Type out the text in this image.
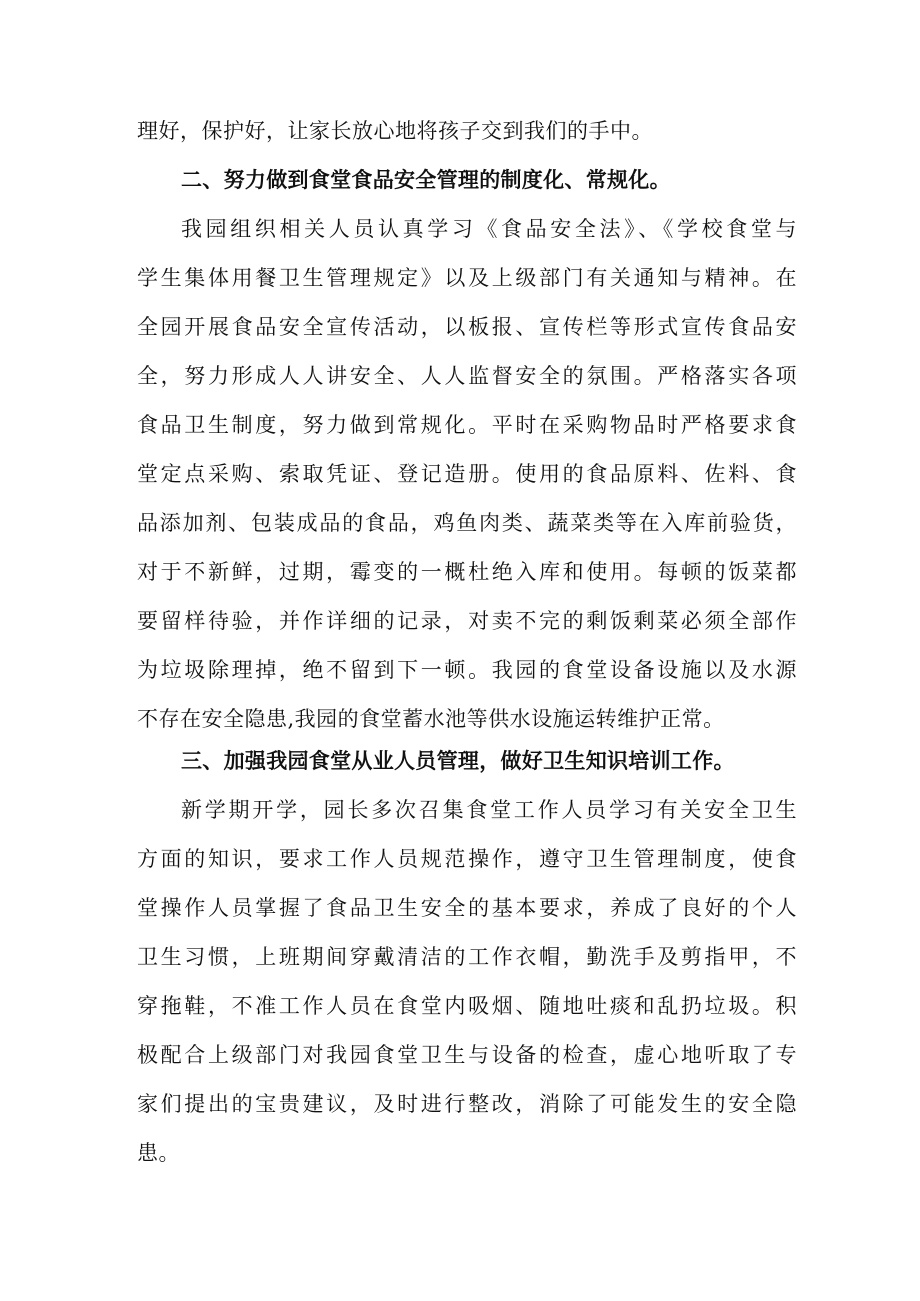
理好，保护好，让家长放心地将孩子交到我们的手中。
二、努力做到食堂食品安全管理的制度化、常规化。
我园组织相关人员认真学习《食品安全法》、《学校食堂与
学生集体用餐卫生管理规定》以及上级部门有关通知与精神。在
全园开展食品安全宣传活动，以板报、宣传栏等形式宣传食品安
全，努力形成人人讲安全、人人监督安全的氛围。严格落实各项
食品卫生制度，努力做到常规化。平时在采购物品时严格要求食
堂定点采购、索取凭证、登记造册。使用的食品原料、佐料、食
品添加剂、包装成品的食品，鸡鱼肉类、蔬菜类等在入库前验货，
对于不新鲜，过期，霉变的一概杜绝入库和使用。每顿的饭菜都
要留样待验，并作详细的记录，对卖不完的剩饭剩菜必须全部作
为垃圾除理掉，绝不留到下一顿。我园的食堂设备设施以及水源
不存在安全隐患,我园的食堂蓄水池等供水设施运转维护正常。
三、加强我园食堂从业人员管理，做好卫生知识培训工作。
新学期开学，园长多次召集食堂工作人员学习有关安全卫生
方面的知识，要求工作人员规范操作，遵守卫生管理制度，使食
堂操作人员掌握了食品卫生安全的基本要求，养成了良好的个人
卫生习惯，上班期间穿戴清洁的工作衣帽，勤洗手及剪指甲，不
穿拖鞋，不准工作人员在食堂内吸烟、随地吐痰和乱扔垃圾。积
极配合上级部门对我园食堂卫生与设备的检查，虚心地听取了专
家们提出的宝贵建议，及时进行整改，消除了可能发生的安全隐
患。
